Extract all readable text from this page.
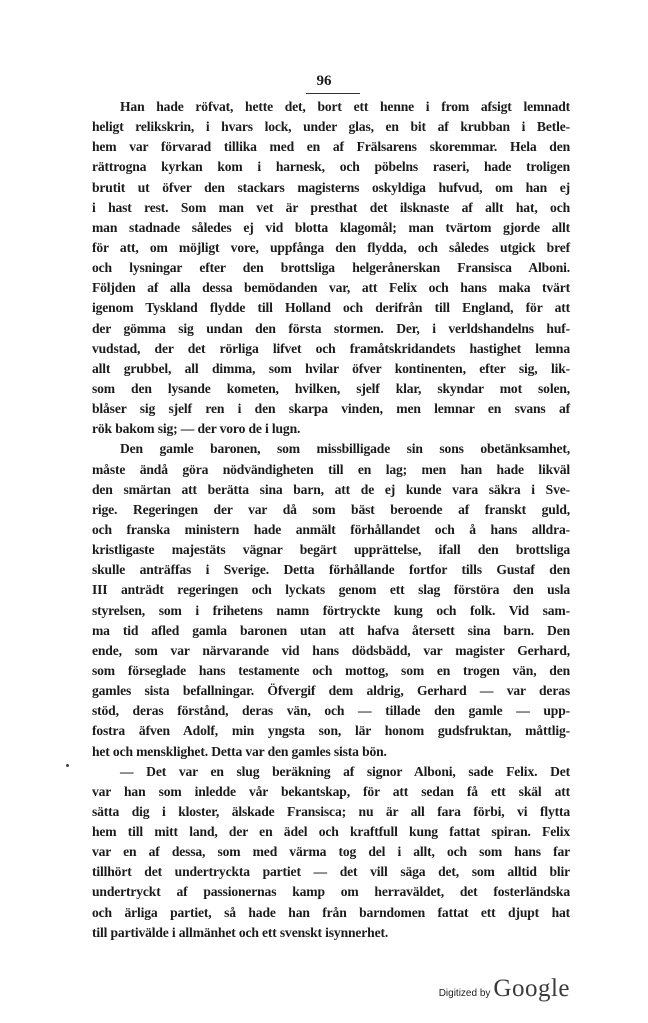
96
Han hade röfvat, hette det, bort ett henne i from afsigt lemnadt
heligt relikskrin, i hvars lock, under glas, en bit af krubban i Betle-
hem var förvarad tillika med en af Frälsarens skoremmar. Hela den
rättrogna kyrkan kom i harnesk, och pöbelns raseri, hade troligen
brutit ut öfver den stackars magisterns oskyldiga hufvud, om han ej
i hast rest. Som man vet är presthat det ilsknaste af allt hat, och
man stadnade således ej vid blotta klagomål; man tvärtom gjorde allt
för att, om möjligt vore, uppfånga den flydda, och således utgick bref
och lysningar efter den brottsliga helgerånerskan Fransisca Alboni.
Följden af alla dessa bemödanden var, att Felix och hans maka tvärt
igenom Tyskland flydde till Holland och derifrån till England, för att
der gömma sig undan den första stormen. Der, i verldshandelns huf-
vudstad, der det rörliga lifvet och framåtskridandets hastighet lemna
allt grubbel, all dimma, som hvilar öfver kontinenten, efter sig, lik-
som den lysande kometen, hvilken, sjelf klar, skyndar mot solen,
blåser sig sjelf ren i den skarpa vinden, men lemnar en svans af
rök bakom sig; — der voro de i lugn.
Den gamle baronen, som missbilligade sin sons obetänksamhet,
måste ändå göra nödvändigheten till en lag; men han hade likväl
den smärtan att berätta sina barn, att de ej kunde vara säkra i Sve-
rige. Regeringen der var då som bäst beroende af franskt guld,
och franska ministern hade anmält förhållandet och å hans alldra-
kristligaste majestäts vägnar begärt upprättelse, ifall den brottsliga
skulle anträffas i Sverige. Detta förhållande fortfor tills Gustaf den
III anträdt regeringen och lyckats genom ett slag förstöra den usla
styrelsen, som i frihetens namn förtryckte kung och folk. Vid sam-
ma tid afled gamla baronen utan att hafva återsett sina barn. Den
ende, som var närvarande vid hans dödsbädd, var magister Gerhard,
som förseglade hans testamente och mottog, som en trogen vän, den
gamles sista befallningar. Öfvergif dem aldrig, Gerhard — var deras
stöd, deras förstånd, deras vän, och — tillade den gamle — upp-
fostra äfven Adolf, min yngsta son, lär honom gudsfruktan, måttlig-
het och mensklighet. Detta var den gamles sista bön.
— Det var en slug beräkning af signor Alboni, sade Felix. Det
var han som inledde vår bekantskap, för att sedan få ett skäl att
sätta dig i kloster, älskade Fransisca; nu är all fara förbi, vi flytta
hem till mitt land, der en ädel och kraftfull kung fattat spiran. Felix
var en af dessa, som med värma tog del i allt, och som hans far
tillhört det undertryckta partiet — det vill säga det, som alltid blir
undertryckt af passionernas kamp om herraväldet, det fosterländska
och ärliga partiet, så hade han från barndomen fattat ett djupt hat
till partivälde i allmänhet och ett svenskt isynnerhet.
Digitized by Google
